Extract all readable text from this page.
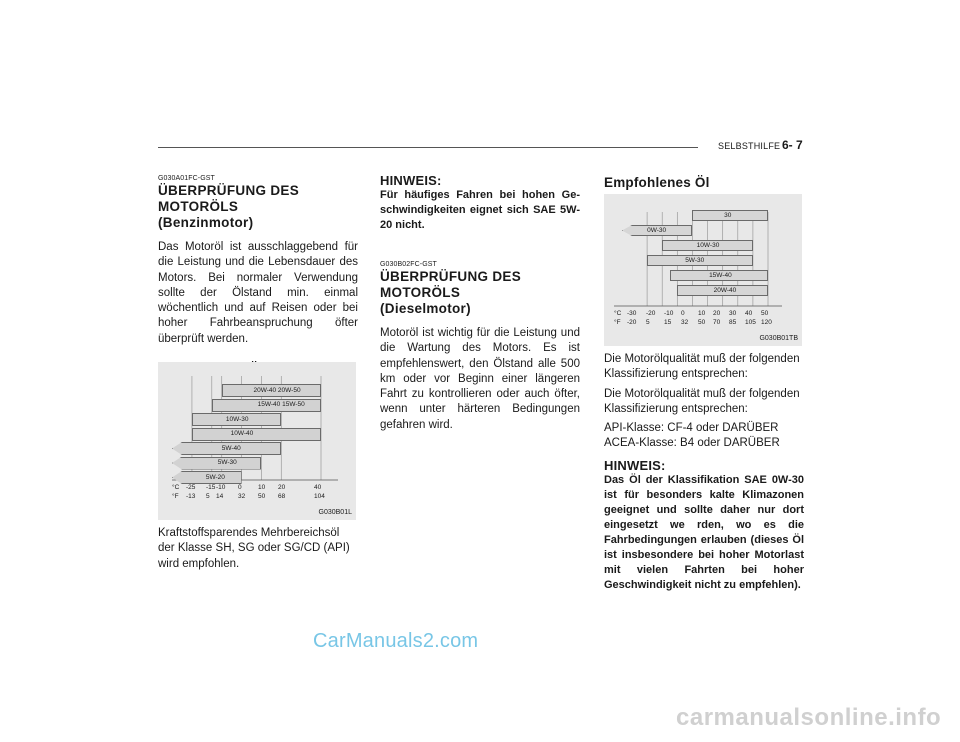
SELBSTHILFE 6- 7
G030A01FC-GST
ÜBERPRÜFUNG DES
MOTORÖLS
(Benzinmotor)

Das Motoröl ist ausschlaggebend für die Leistung und die Lebensdauer des Motors. Bei normaler Verwendung sollte der Ölstand min. einmal wöchentlich und auf Reisen oder bei hoher Fahrbeanspruchung öfter überprüft werden.

20W-40 20W-50
15W-40 15W-50
10W-30
10W-40
5W-40
5W-30
5W-20
°C
°F
-25 -15 -10 0	10 20	40
-13 5 14 32 50 68	104
G030B01L

Kraftstoffsparendes Mehrbereichsöl der Klasse SH, SG oder SG/CD (API) wird empfohlen.

HINWEIS:
Für häufiges Fahren bei hohen Ge-schwindigkeiten eignet sich SAE 5W-20 nicht.
G030B02FC-GST
ÜBERPRÜFUNG DES
MOTORÖLS
(Dieselmotor)

Motoröl ist wichtig für die Leistung und die Wartung des Motors. Es ist empfehlenswert, den Ölstand alle 500 km oder vor Beginn einer längeren Fahrt zu kontrollieren oder auch öfter, wenn unter härteren Bedingungen gefahren wird.

Empfohlenes Öl
30
0W-30
10W-30
5W-30
15W-40
20W-40
°C
°F
-30 -20 -10 0 10 20 30 40 50
-20 5 15 32 50 70 85 105 120
G030B01TB

Die Motorölqualität muß der folgenden Klassifizierung entsprechen:

Die Motorölqualität muß der folgenden Klassifizierung entsprechen:

API-Klasse: CF-4 oder DARÜBER

ACEA-Klasse: B4 oder DARÜBER

HINWEIS:
Das Öl der Klassifikation SAE 0W-30 ist für besonders kalte Klimazonen geeignet und sollte daher nur dort eingesetzt we rden, wo es die Fahrbedingungen erlauben (dieses Öl ist insbesondere bei hoher Motorlast mit vielen Fahrten bei hoher Geschwindigkeit nicht zu empfehlen).
CarManuals2.com
carmanualsonline.info
